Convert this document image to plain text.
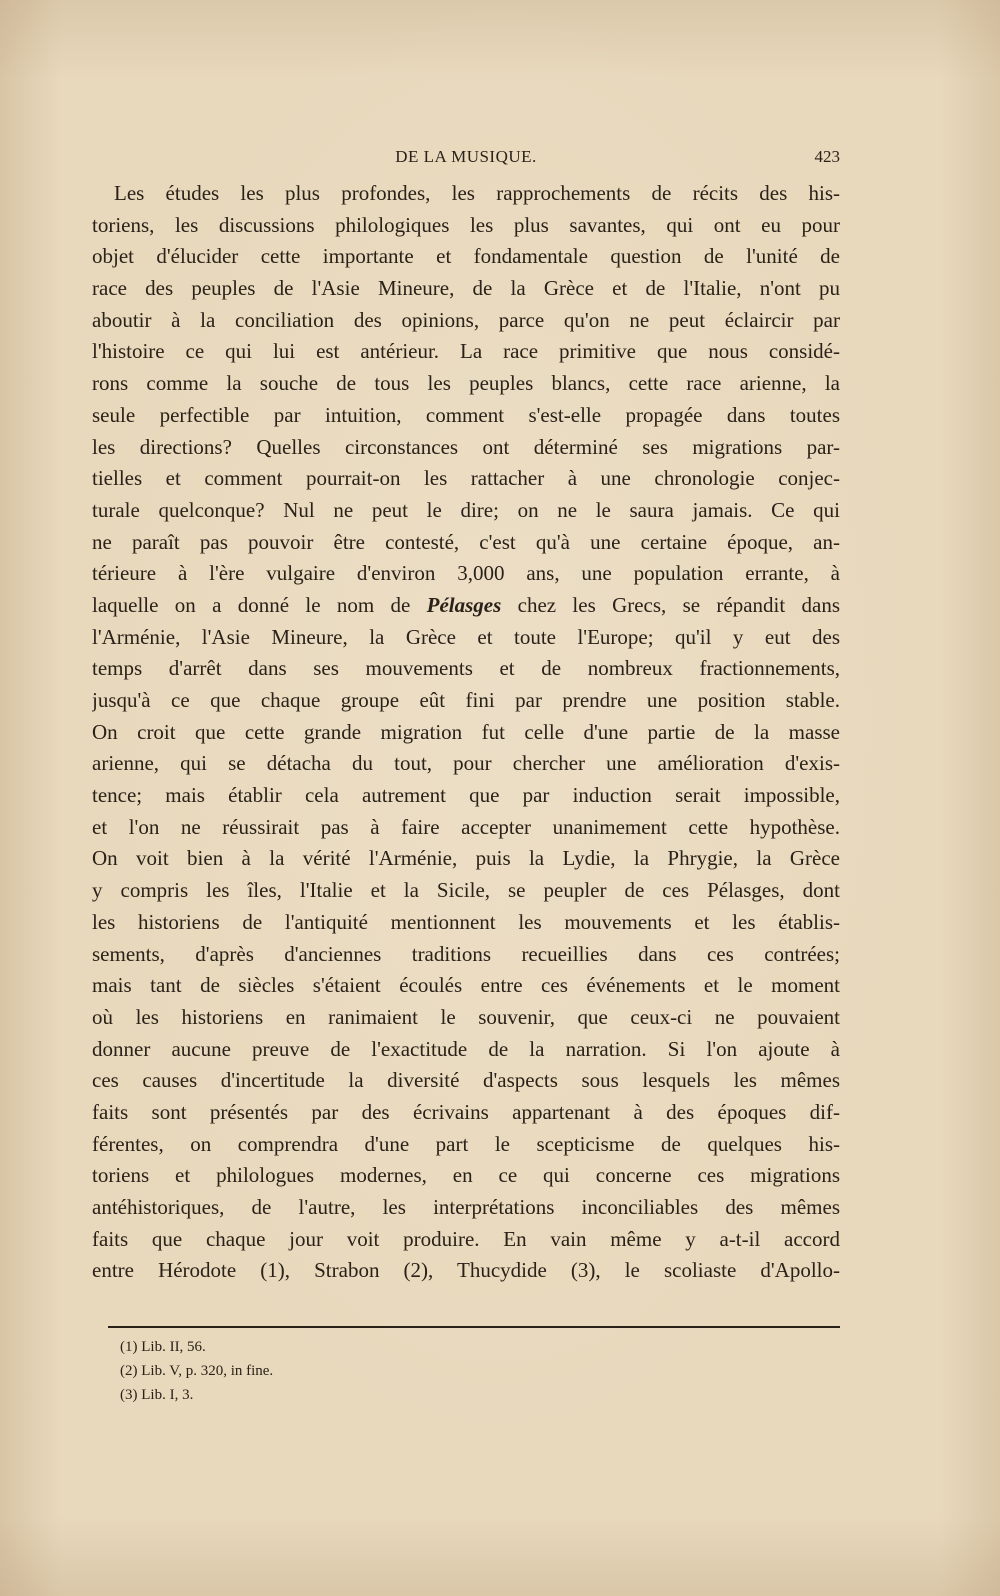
DE LA MUSIQUE.	423
Les études les plus profondes, les rapprochements de récits des his-
toriens, les discussions philologiques les plus savantes, qui ont eu pour
objet d'élucider cette importante et fondamentale question de l'unité de
race des peuples de l'Asie Mineure, de la Grèce et de l'Italie, n'ont pu
aboutir à la conciliation des opinions, parce qu'on ne peut éclaircir par
l'histoire ce qui lui est antérieur. La race primitive que nous considé-
rons comme la souche de tous les peuples blancs, cette race arienne, la
seule perfectible par intuition, comment s'est-elle propagée dans toutes
les directions? Quelles circonstances ont déterminé ses migrations par-
tielles et comment pourrait-on les rattacher à une chronologie conjec-
turale quelconque? Nul ne peut le dire; on ne le saura jamais. Ce qui
ne paraît pas pouvoir être contesté, c'est qu'à une certaine époque, an-
térieure à l'ère vulgaire d'environ 3,000 ans, une population errante, à
laquelle on a donné le nom de Pélasges chez les Grecs, se répandit dans
l'Arménie, l'Asie Mineure, la Grèce et toute l'Europe; qu'il y eut des
temps d'arrêt dans ses mouvements et de nombreux fractionnements,
jusqu'à ce que chaque groupe eût fini par prendre une position stable.
On croit que cette grande migration fut celle d'une partie de la masse
arienne, qui se détacha du tout, pour chercher une amélioration d'exis-
tence; mais établir cela autrement que par induction serait impossible,
et l'on ne réussirait pas à faire accepter unanimement cette hypothèse.
On voit bien à la vérité l'Arménie, puis la Lydie, la Phrygie, la Grèce
y compris les îles, l'Italie et la Sicile, se peupler de ces Pélasges, dont
les historiens de l'antiquité mentionnent les mouvements et les établis-
sements, d'après d'anciennes traditions recueillies dans ces contrées;
mais tant de siècles s'étaient écoulés entre ces événements et le moment
où les historiens en ranimaient le souvenir, que ceux-ci ne pouvaient
donner aucune preuve de l'exactitude de la narration. Si l'on ajoute à
ces causes d'incertitude la diversité d'aspects sous lesquels les mêmes
faits sont présentés par des écrivains appartenant à des époques dif-
férentes, on comprendra d'une part le scepticisme de quelques his-
toriens et philologues modernes, en ce qui concerne ces migrations
antéhistoriques, de l'autre, les interprétations inconciliables des mêmes
faits que chaque jour voit produire. En vain même y a-t-il accord
entre Hérodote (1), Strabon (2), Thucydide (3), le scoliaste d'Apollo-
(1) Lib. II, 56.
(2) Lib. V, p. 320, in fine.
(3) Lib. I, 3.
